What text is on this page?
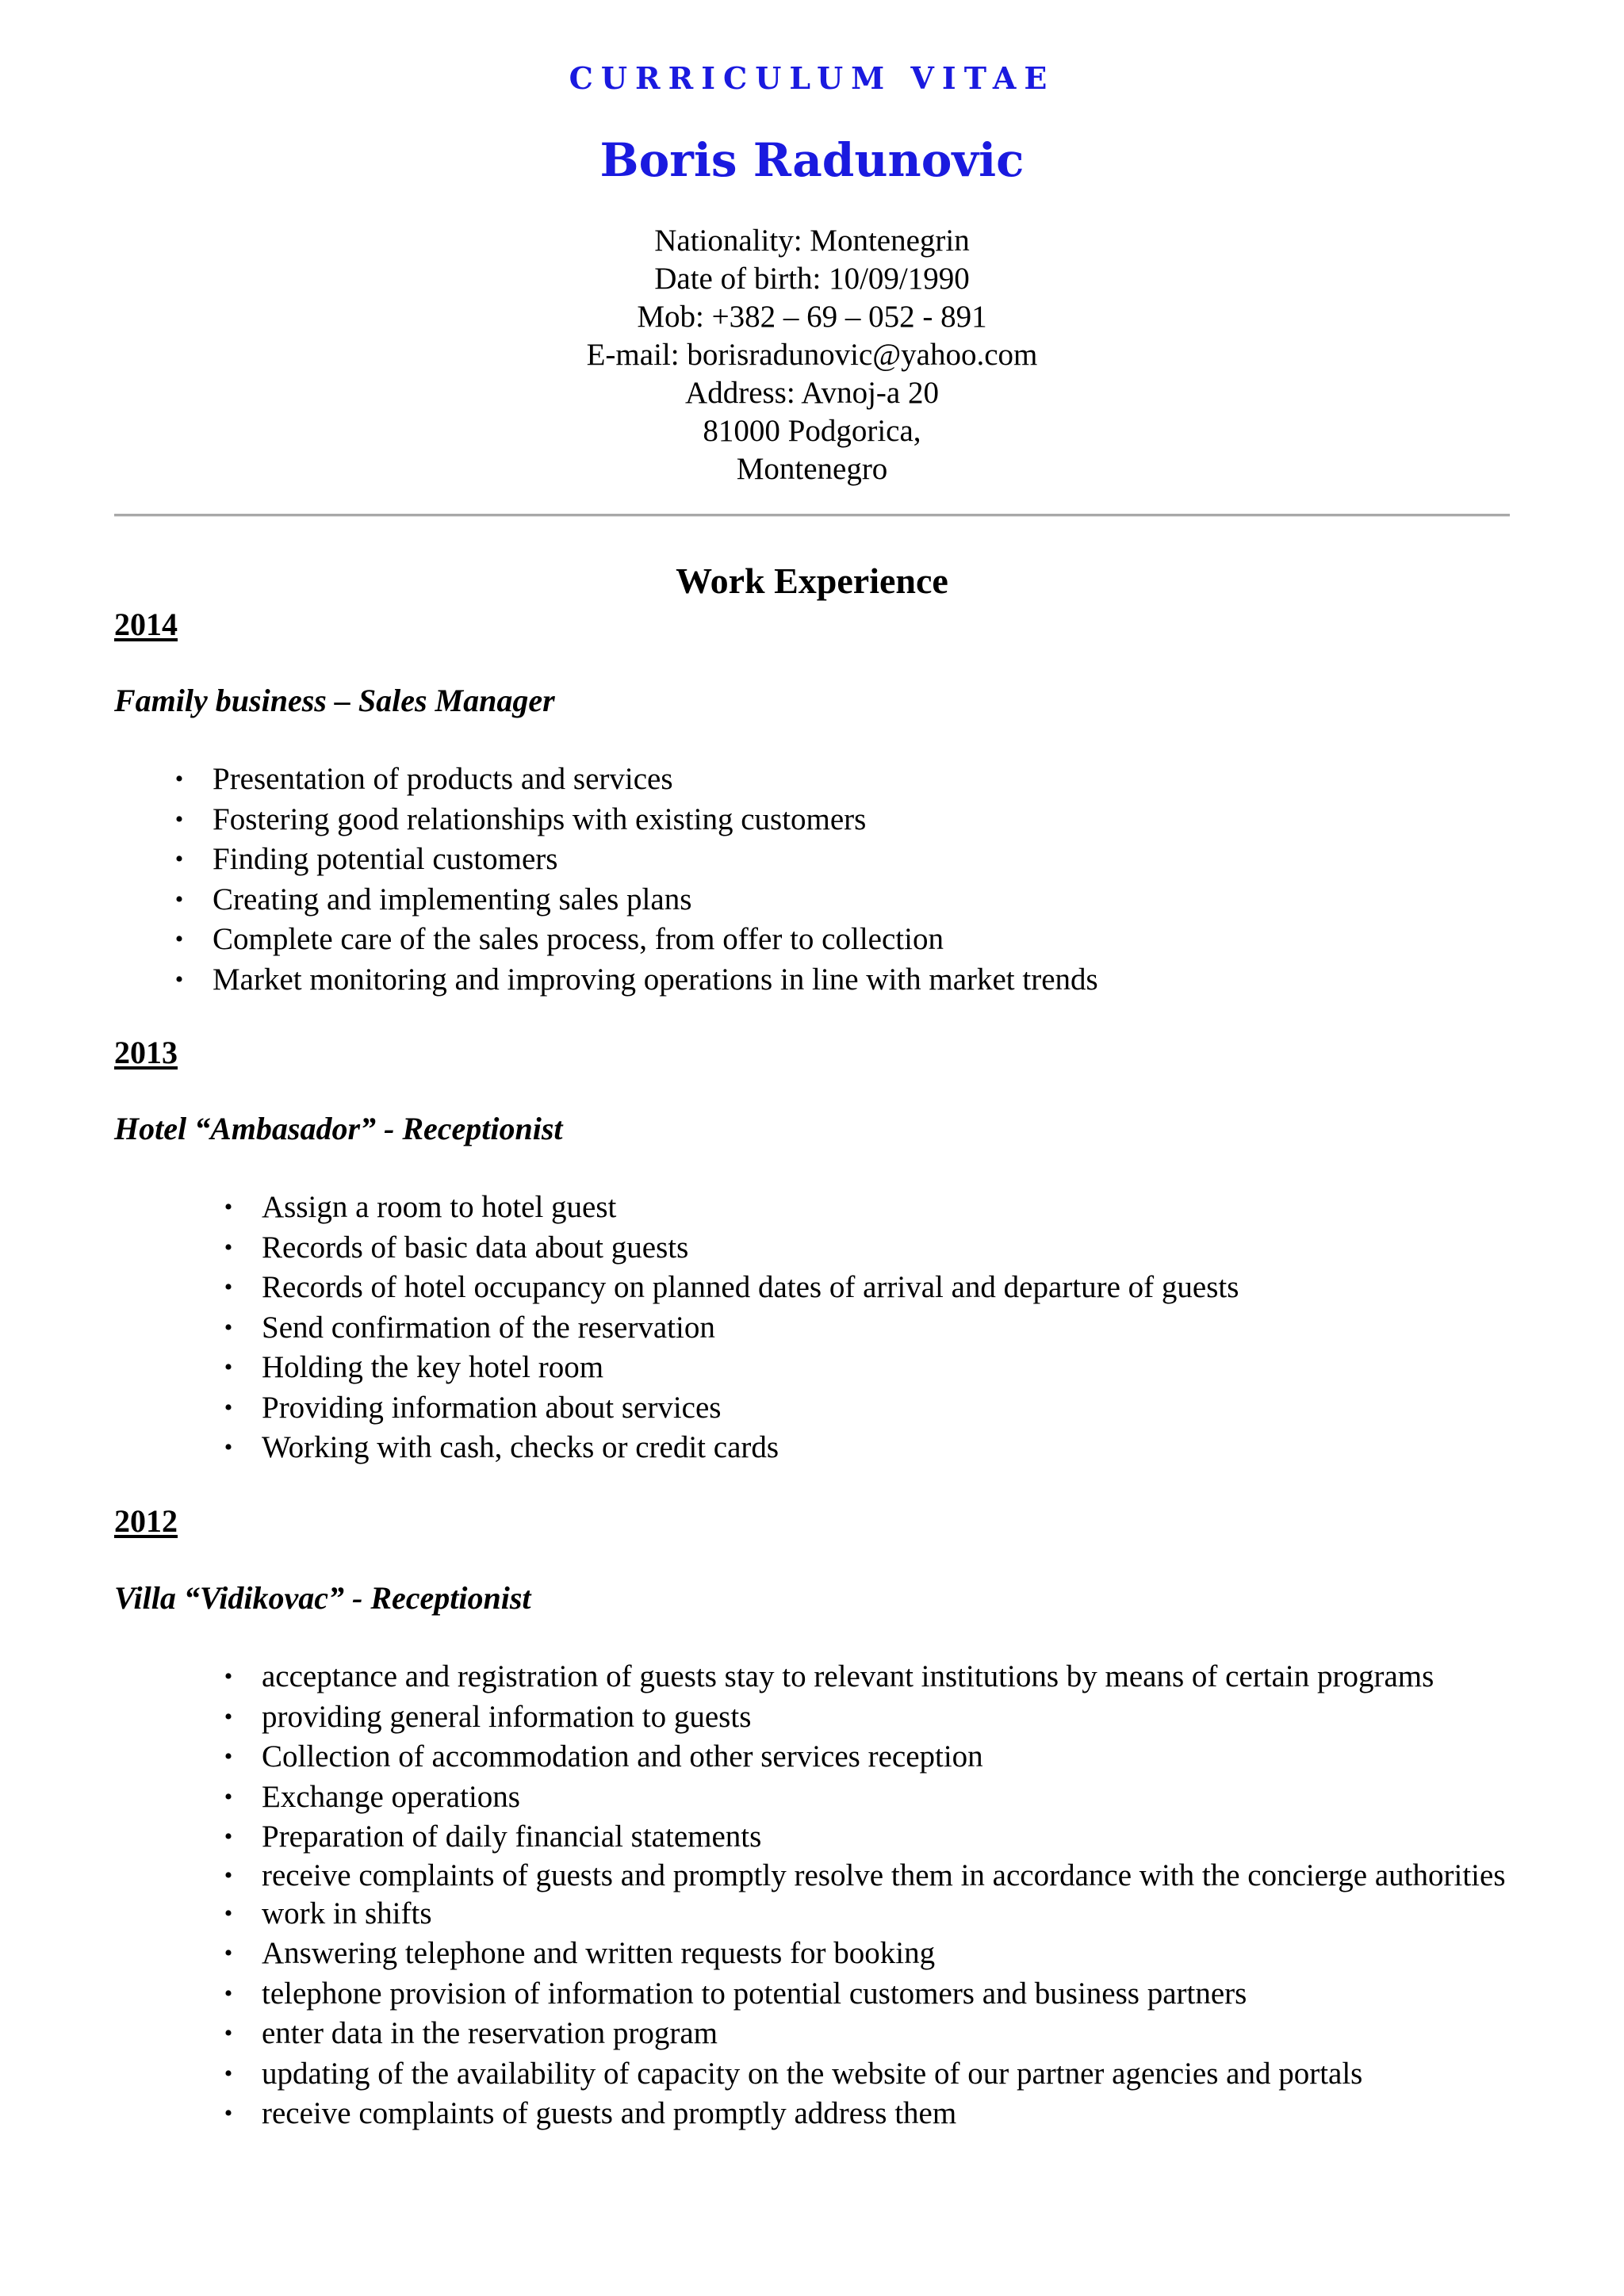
CURRICULUM VITAE
Boris Radunovic
Nationality: Montenegrin
Date of birth: 10/09/1990
Mob: +382 – 69 – 052 - 891
E-mail: borisradunovic@yahoo.com
Address: Avnoj-a 20
81000 Podgorica,
Montenegro
Work Experience
2014
Family business – Sales Manager
• Presentation of products and services
• Fostering good relationships with existing customers
• Finding potential customers
• Creating and implementing sales plans
• Complete care of the sales process, from offer to collection
• Market monitoring and improving operations in line with market trends
2013
Hotel “Ambasador” - Receptionist
• Assign a room to hotel guest
• Records of basic data about guests
• Records of hotel occupancy on planned dates of arrival and departure of guests
• Send confirmation of the reservation
• Holding the key hotel room
• Providing information about services
• Working with cash, checks or credit cards
2012
Villa “Vidikovac” - Receptionist
• acceptance and registration of guests stay to relevant institutions by means of certain programs
• providing general information to guests
• Collection of accommodation and other services reception
• Exchange operations
• Preparation of daily financial statements
• receive complaints of guests and promptly resolve them in accordance with the concierge authorities
• work in shifts
• Answering telephone and written requests for booking
• telephone provision of information to potential customers and business partners
• enter data in the reservation program
• updating of the availability of capacity on the website of our partner agencies and portals
• receive complaints of guests and promptly address them
